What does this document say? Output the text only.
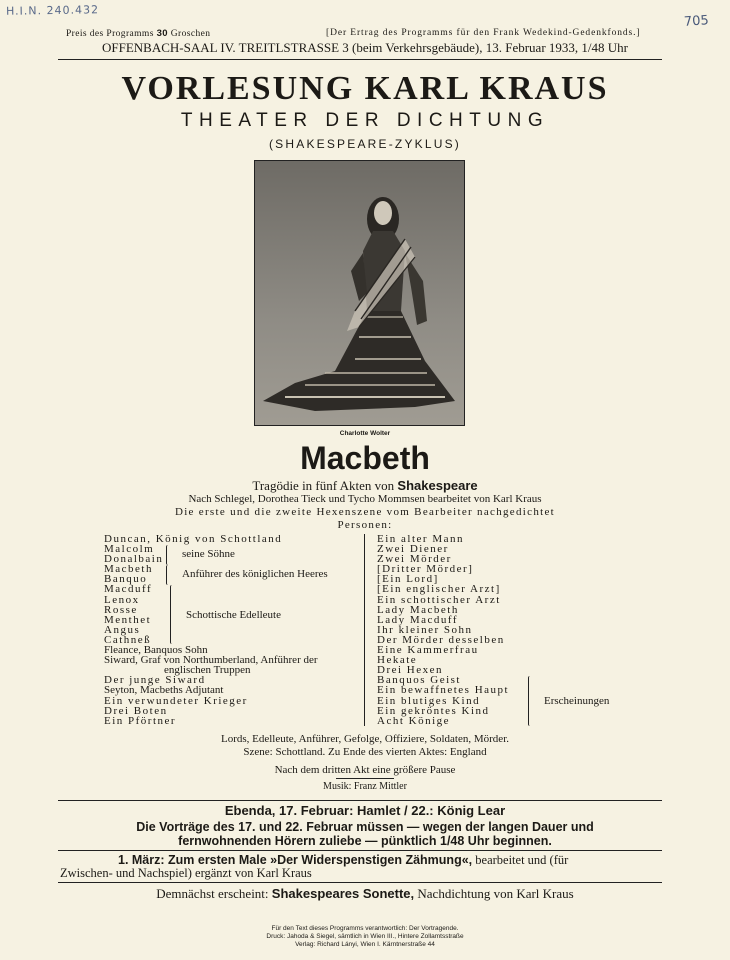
H.I.N. 240.432
705
Preis des Programms 30 Groschen	[Der Ertrag des Programms für den Frank Wedekind-Gedenkfonds.]
OFFENBACH-SAAL IV. TREITLSTRASSE 3 (beim Verkehrsgebäude), 13. Februar 1933, 1/48 Uhr
VORLESUNG KARL KRAUS
THEATER DER DICHTUNG
(SHAKESPEARE-ZYKLUS)
Charlotte Wolter
Macbeth
Tragödie in fünf Akten von Shakespeare
Nach Schlegel, Dorothea Tieck und Tycho Mommsen bearbeitet von Karl Kraus
Die erste und die zweite Hexenszene vom Bearbeiter nachgedichtet
Personen:
Duncan, König von Schottland
Malcolm
Donalbain
Macbeth
Banquo
Macduff
Lenox
Rosse
Menthet
Angus
Cathneß
Fleance, Banquos Sohn
Siward, Graf von Northumberland, Anführer der
englischen Truppen
Der junge Siward
Seyton, Macbeths Adjutant
Ein verwundeter Krieger
Drei Boten
Ein Pförtner
seine Söhne
Anführer des königlichen Heeres
Schottische Edelleute
Ein alter Mann
Zwei Diener
Zwei Mörder
[Dritter Mörder]
[Ein Lord]
[Ein englischer Arzt]
Ein schottischer Arzt
Lady Macbeth
Lady Macduff
Ihr kleiner Sohn
Der Mörder desselben
Eine Kammerfrau
Hekate
Drei Hexen
Banquos Geist
Ein bewaffnetes Haupt
Ein blutiges Kind
Ein gekröntes Kind
Acht Könige
Erscheinungen
Lords, Edelleute, Anführer, Gefolge, Offiziere, Soldaten, Mörder.
Szene: Schottland. Zu Ende des vierten Aktes: England
Nach dem dritten Akt eine größere Pause
Musik: Franz Mittler
Ebenda, 17. Februar: Hamlet / 22.: König Lear
Die Vorträge des 17. und 22. Februar müssen — wegen der langen Dauer und
fernwohnenden Hörern zuliebe — pünktlich 1/48 Uhr beginnen.
1. März: Zum ersten Male »Der Widerspenstigen Zähmung«, bearbeitet und (für
Zwischen- und Nachspiel) ergänzt von Karl Kraus
Demnächst erscheint: Shakespeares Sonette, Nachdichtung von Karl Kraus
Für den Text dieses Programms verantwortlich: Der Vortragende.
Druck: Jahoda & Siegel, sämtlich in Wien III., Hintere Zollamtsstraße
Verlag: Richard Lányi, Wien I. Kärntnerstraße 44
